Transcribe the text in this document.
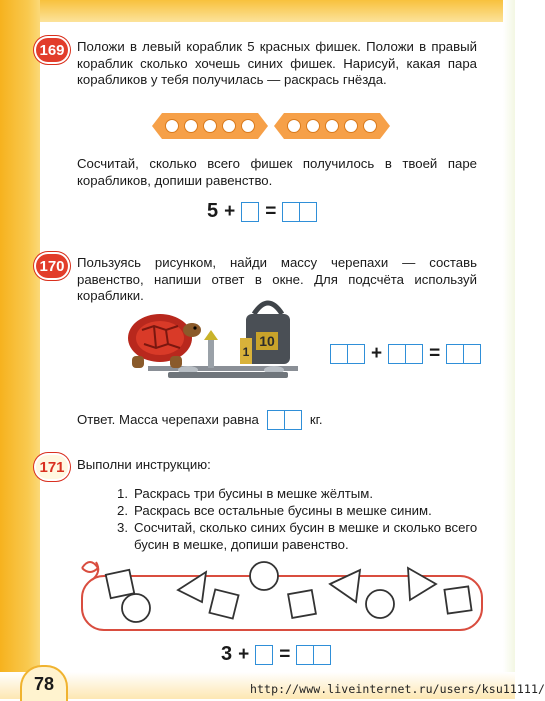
169 Положи в левый кораблик 5 красных фишек. Положи в правый кораблик сколько хочешь синих фишек. Нарисуй, какая пара корабликов у тебя получилась — раскрась гнёзда.
Сосчитай, сколько всего фишек получилось в твоей паре корабликов, допиши равенство.
5 + =
170 Пользуясь рисунком, найди массу черепахи — составь равенство, напиши ответ в окне. Для подсчёта используй кораблики.
10
1	+ =
Ответ. Масса черепахи равна	кг.
171 Выполни инструкцию:
1. Раскрась три бусины в мешке жёлтым.
2. Раскрась все остальные бусины в мешке синим.
3. Сосчитай, сколько синих бусин в мешке и сколько всего бусин в мешке, допиши равенство.
3 + =
78	http://www.liveinternet.ru/users/ksu11111/
